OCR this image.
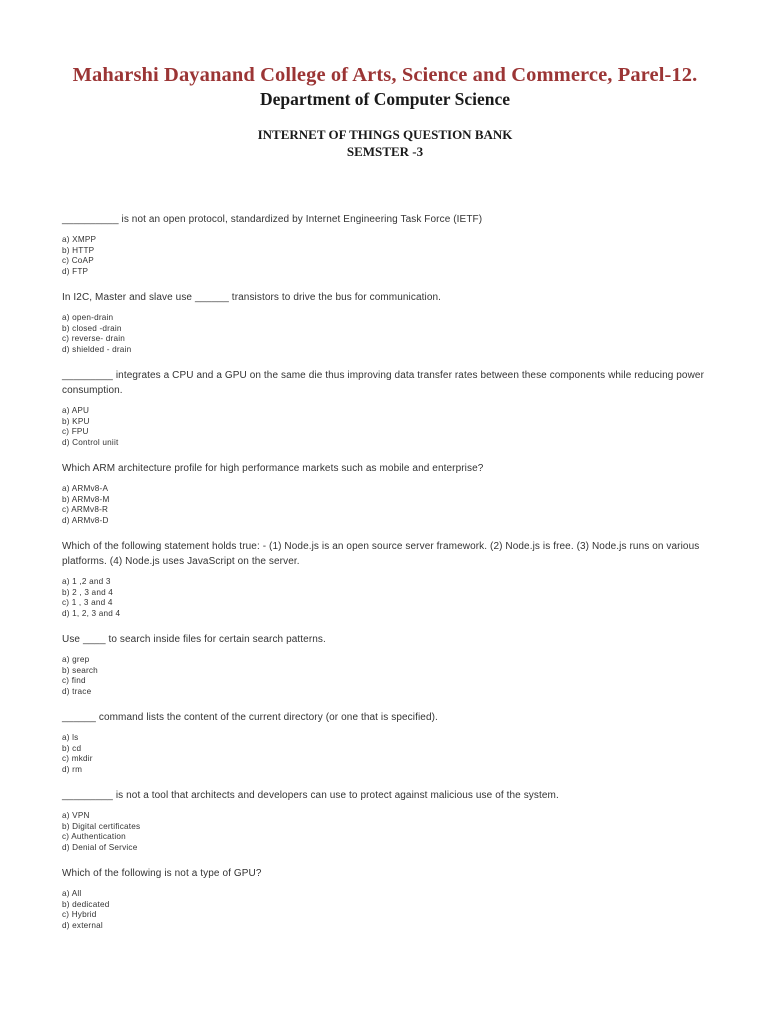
Maharshi Dayanand College of Arts, Science and Commerce, Parel-12.
Department of Computer Science
INTERNET OF THINGS QUESTION BANK
SEMSTER -3

__________ is not an open protocol, standardized by Internet Engineering Task Force (IETF)

a) XMPP
b) HTTP
c) CoAP
d) FTP

In I2C, Master and slave use ______ transistors to drive the bus for communication.

a) open-drain
b) closed -drain
c) reverse- drain
d) shielded - drain

_________ integrates a CPU and a GPU on the same die thus improving data transfer rates between these components while reducing power consumption.

a) APU
b) KPU
c) FPU
d) Control uniit

Which ARM architecture profile for high performance markets such as mobile and enterprise?

a) ARMv8-A
b) ARMv8-M
c) ARMv8-R
d) ARMv8-D

Which of the following statement holds true: - (1) Node.js is an open source server framework. (2) Node.js is free. (3) Node.js runs on various platforms. (4) Node.js uses JavaScript on the server.

a) 1 ,2 and 3
b) 2 , 3 and 4
c) 1 , 3 and 4
d) 1, 2, 3 and 4

Use ____ to search inside files for certain search patterns.

a) grep
b) search
c) find
d) trace

______ command lists the content of the current directory (or one that is specified).

a) ls
b) cd
c) mkdir
d) rm

_________ is not a tool that architects and developers can use to protect against malicious use of the system.

a) VPN
b) Digital certificates
c) Authentication
d) Denial of Service

Which of the following is not a type of GPU?

a) All
b) dedicated
c) Hybrid
d) external
